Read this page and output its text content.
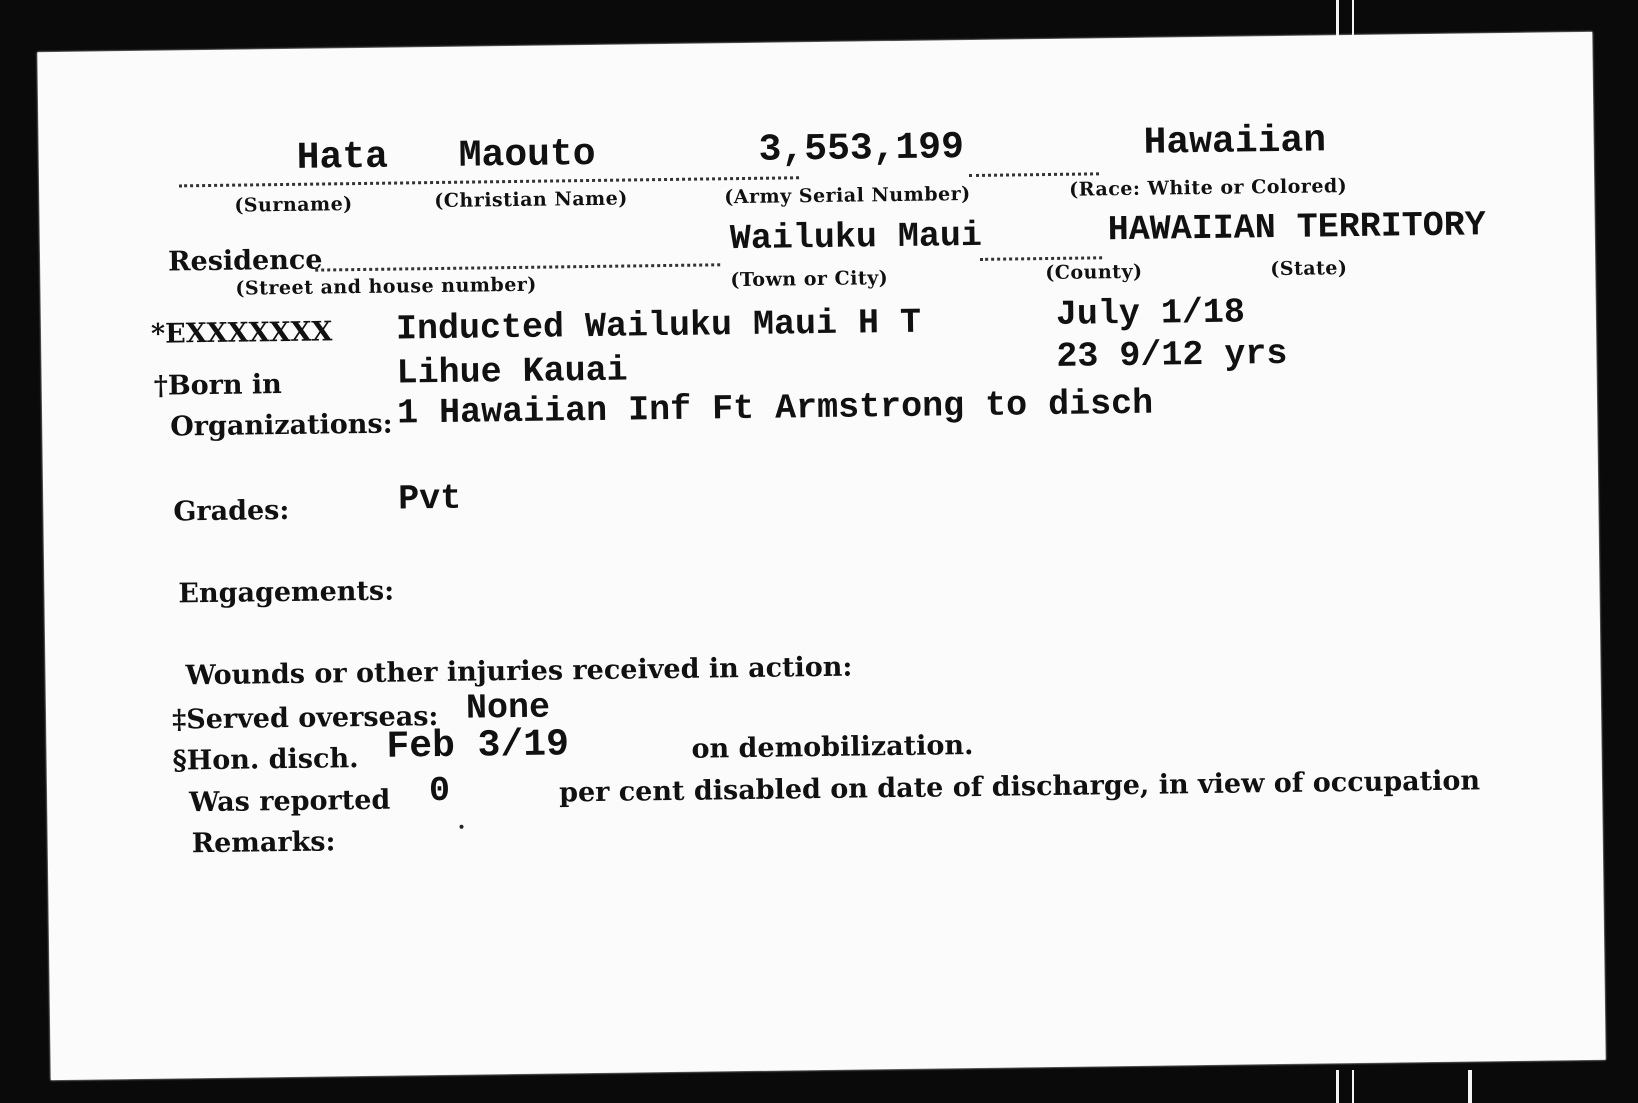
Hata Maouto	3,553,199	Hawaiian
(Surname)	(Christian Name)	(Army Serial Number)	(Race: White or Colored)
Residence
Wailuku Maui	HAWAIIAN TERRITORY
(Street and house number)	(Town or City)	(County)	(State)
*EXXXXXXX Inducted Wailuku Maui H T	July 1/18
†Born in	Lihue Kauai	23 9/12 yrs
Organizations: 1 Hawaiian Inf Ft Armstrong to disch
Grades:	Pvt
Engagements:
Wounds or other injuries received in action:
‡Served overseas: None
§Hon. disch. Feb 3/19	on demobilization.
Was reported 0	per cent disabled on date of discharge, in view of occupation
Remarks:
